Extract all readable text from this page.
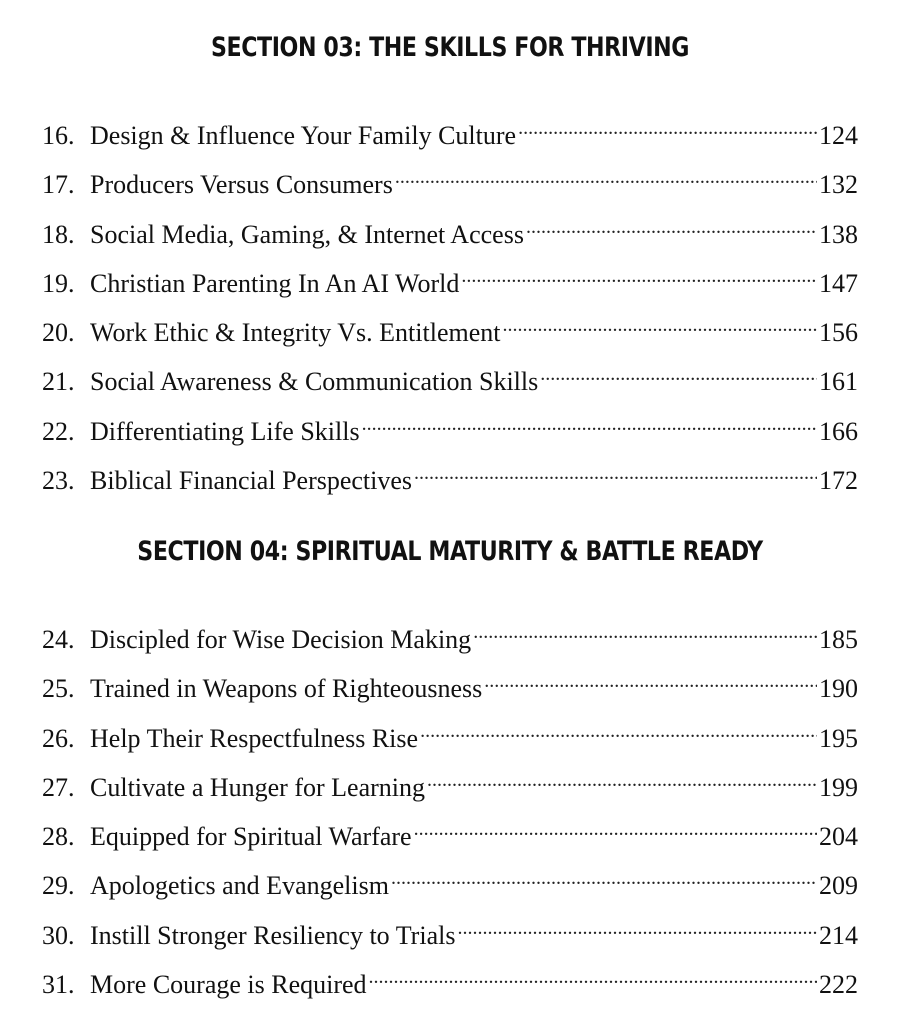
SECTION 03: THE SKILLS FOR THRIVING
16. Design & Influence Your Family Culture .....	124
17. Producers Versus Consumers .....	132
18. Social Media, Gaming, & Internet Access .....	138
19. Christian Parenting In An AI World .....	147
20. Work Ethic & Integrity Vs. Entitlement .....	156
21. Social Awareness & Communication Skills .....	161
22. Differentiating Life Skills .....	166
23. Biblical Financial Perspectives .....	172
SECTION 04: SPIRITUAL MATURITY & BATTLE READY
24. Discipled for Wise Decision Making .....	185
25. Trained in Weapons of Righteousness .....	190
26. Help Their Respectfulness Rise .....	195
27. Cultivate a Hunger for Learning .....	199
28. Equipped for Spiritual Warfare .....	204
29. Apologetics and Evangelism .....	209
30. Instill Stronger Resiliency to Trials .....	214
31. More Courage is Required .....	222
